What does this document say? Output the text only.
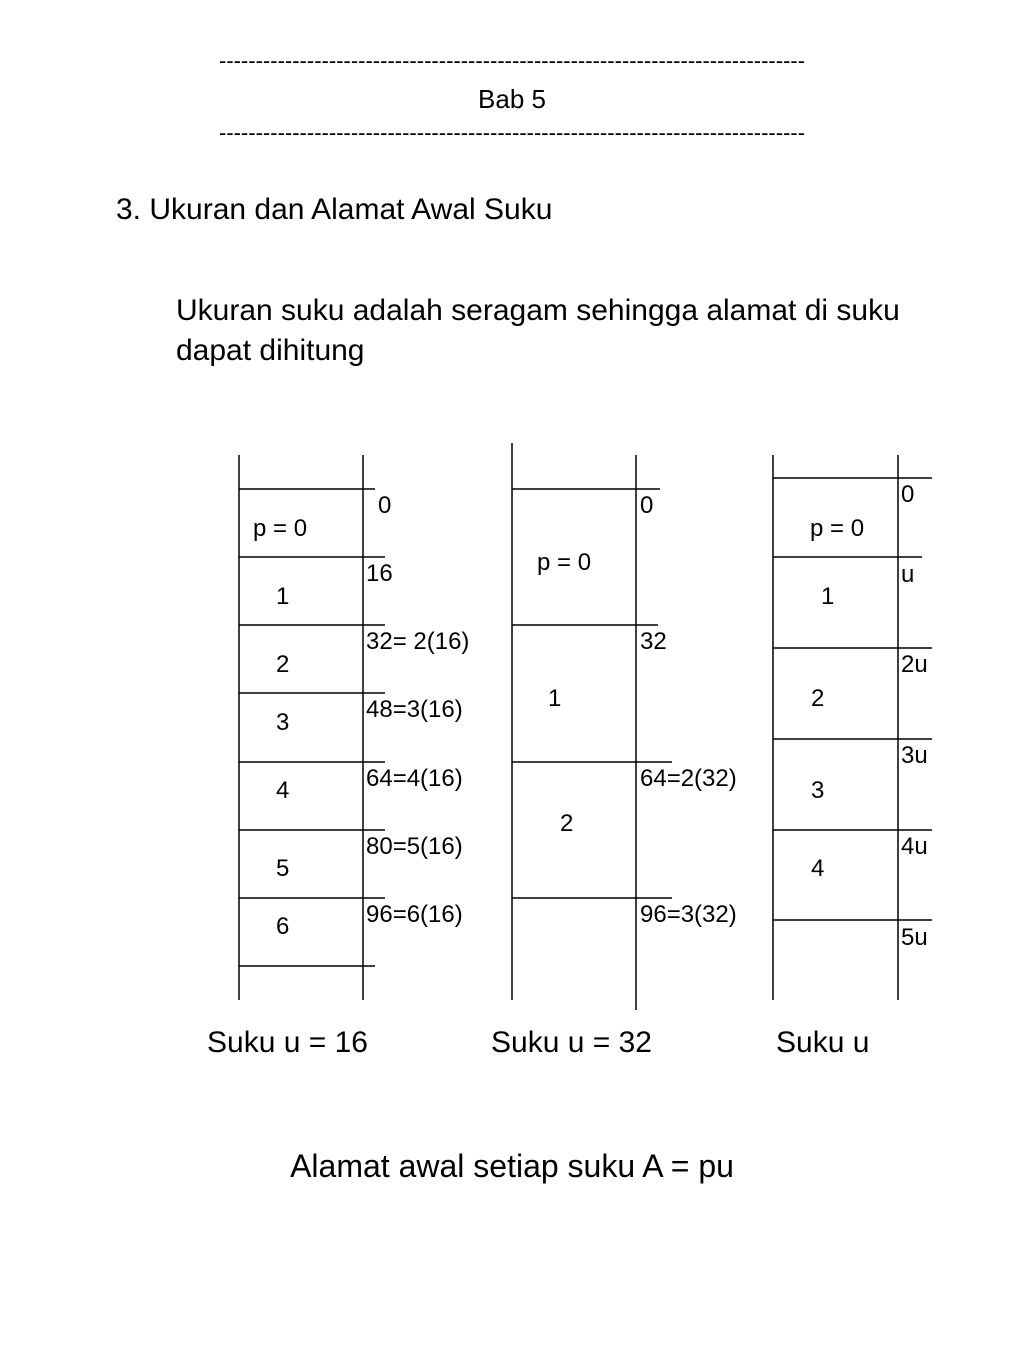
--------------------------------------------------------------------------------
Bab 5
--------------------------------------------------------------------------------
3. Ukuran dan Alamat Awal Suku
Ukuran suku adalah seragam sehingga alamat di suku dapat dihitung
p = 0
1
2
3
4
5
6
0
16
32= 2(16)
48=3(16)
64=4(16)
80=5(16)
96=6(16)
p = 0
1
2
0
32
64=2(32)
96=3(32)
p = 0
1
2
3
4
0
u
2u
3u
4u
5u
Suku u = 16	Suku u = 32	Suku u
Alamat awal setiap suku A = pu
